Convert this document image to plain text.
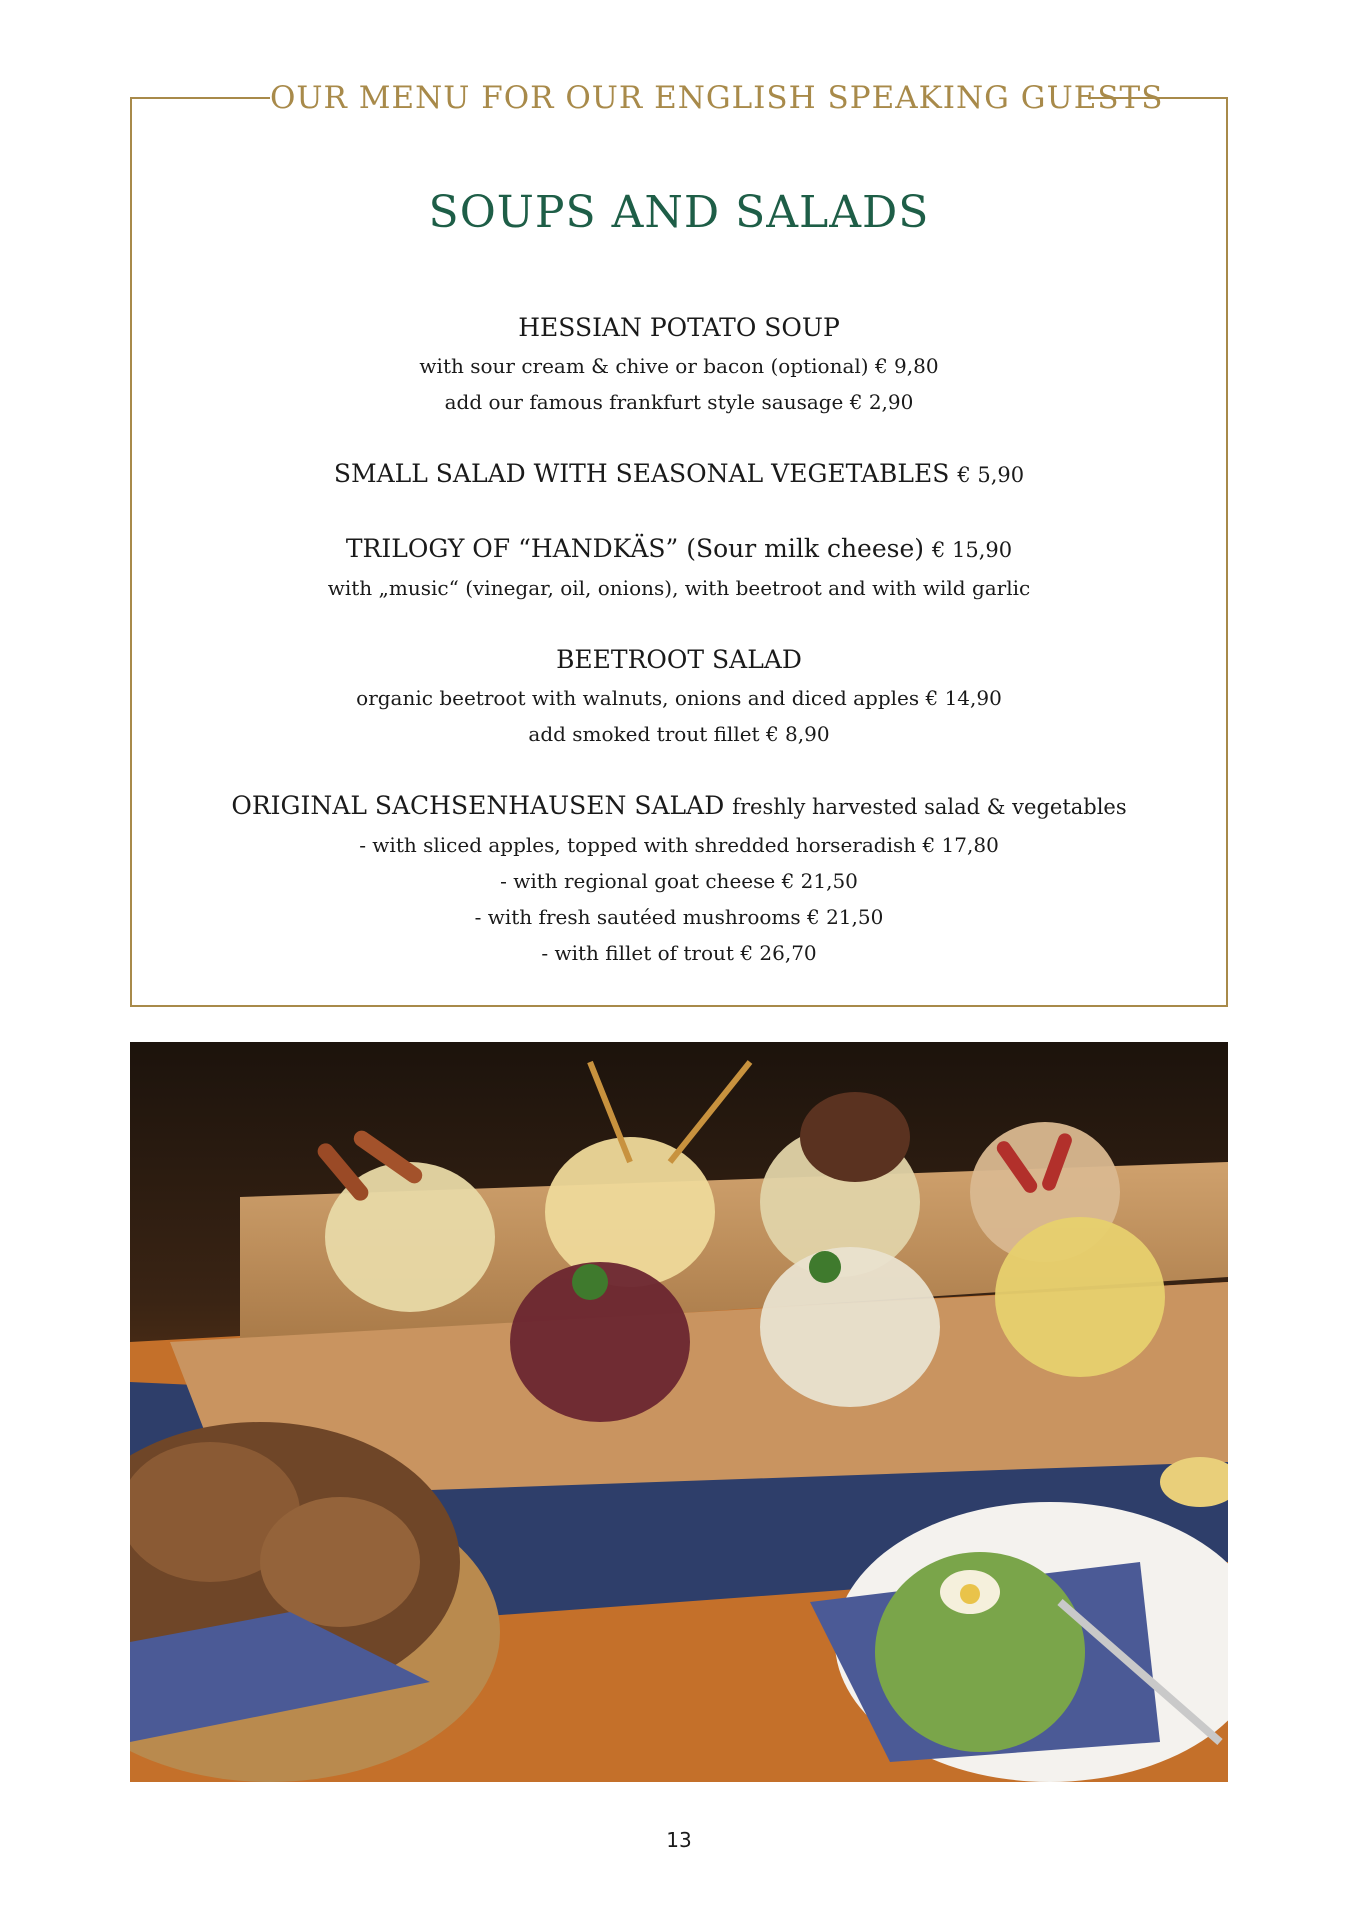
OUR MENU FOR OUR ENGLISH SPEAKING GUESTS
SOUPS AND SALADS
HESSIAN POTATO SOUP
with sour cream & chive or bacon (optional) € 9,80
add our famous frankfurt style sausage € 2,90
SMALL SALAD WITH SEASONAL VEGETABLES € 5,90
TRILOGY OF “HANDKÄS” (Sour milk cheese) € 15,90
with „music“ (vinegar, oil, onions), with beetroot and with wild garlic
BEETROOT SALAD
organic beetroot with walnuts, onions and diced apples € 14,90
add smoked trout fillet € 8,90
ORIGINAL SACHSENHAUSEN SALAD freshly harvested salad & vegetables
- with sliced apples, topped with shredded horseradish € 17,80
- with regional goat cheese € 21,50
- with fresh sautéed mushrooms € 21,50
- with fillet of trout € 26,70
13
